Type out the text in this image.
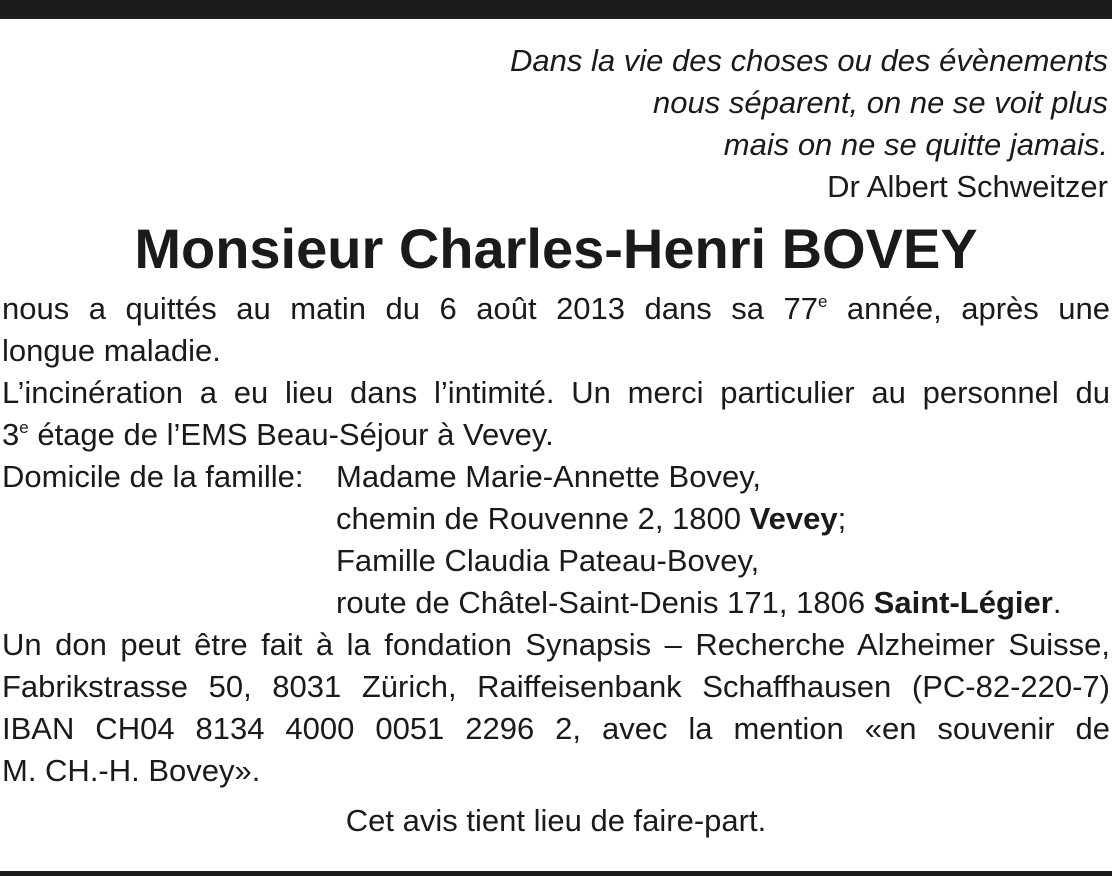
Dans la vie des choses ou des évènements
nous séparent, on ne se voit plus
mais on ne se quitte jamais.
Dr Albert Schweitzer
Monsieur Charles-Henri BOVEY
nous a quittés au matin du 6 août 2013 dans sa 77e année, après une
longue maladie.
L’incinération a eu lieu dans l’intimité. Un merci particulier au personnel du
3e étage de l’EMS Beau-Séjour à Vevey.
Domicile de la famille:	Madame Marie-Annette Bovey,
chemin de Rouvenne 2, 1800 Vevey;
Famille Claudia Pateau-Bovey,
route de Châtel-Saint-Denis 171, 1806 Saint-Légier.
Un don peut être fait à la fondation Synapsis – Recherche Alzheimer Suisse,
Fabrikstrasse 50, 8031 Zürich, Raiffeisenbank Schaffhausen (PC-82-220-7)
IBAN CH04 8134 4000 0051 2296 2, avec la mention «en souvenir de
M. CH.-H. Bovey».
Cet avis tient lieu de faire-part.
